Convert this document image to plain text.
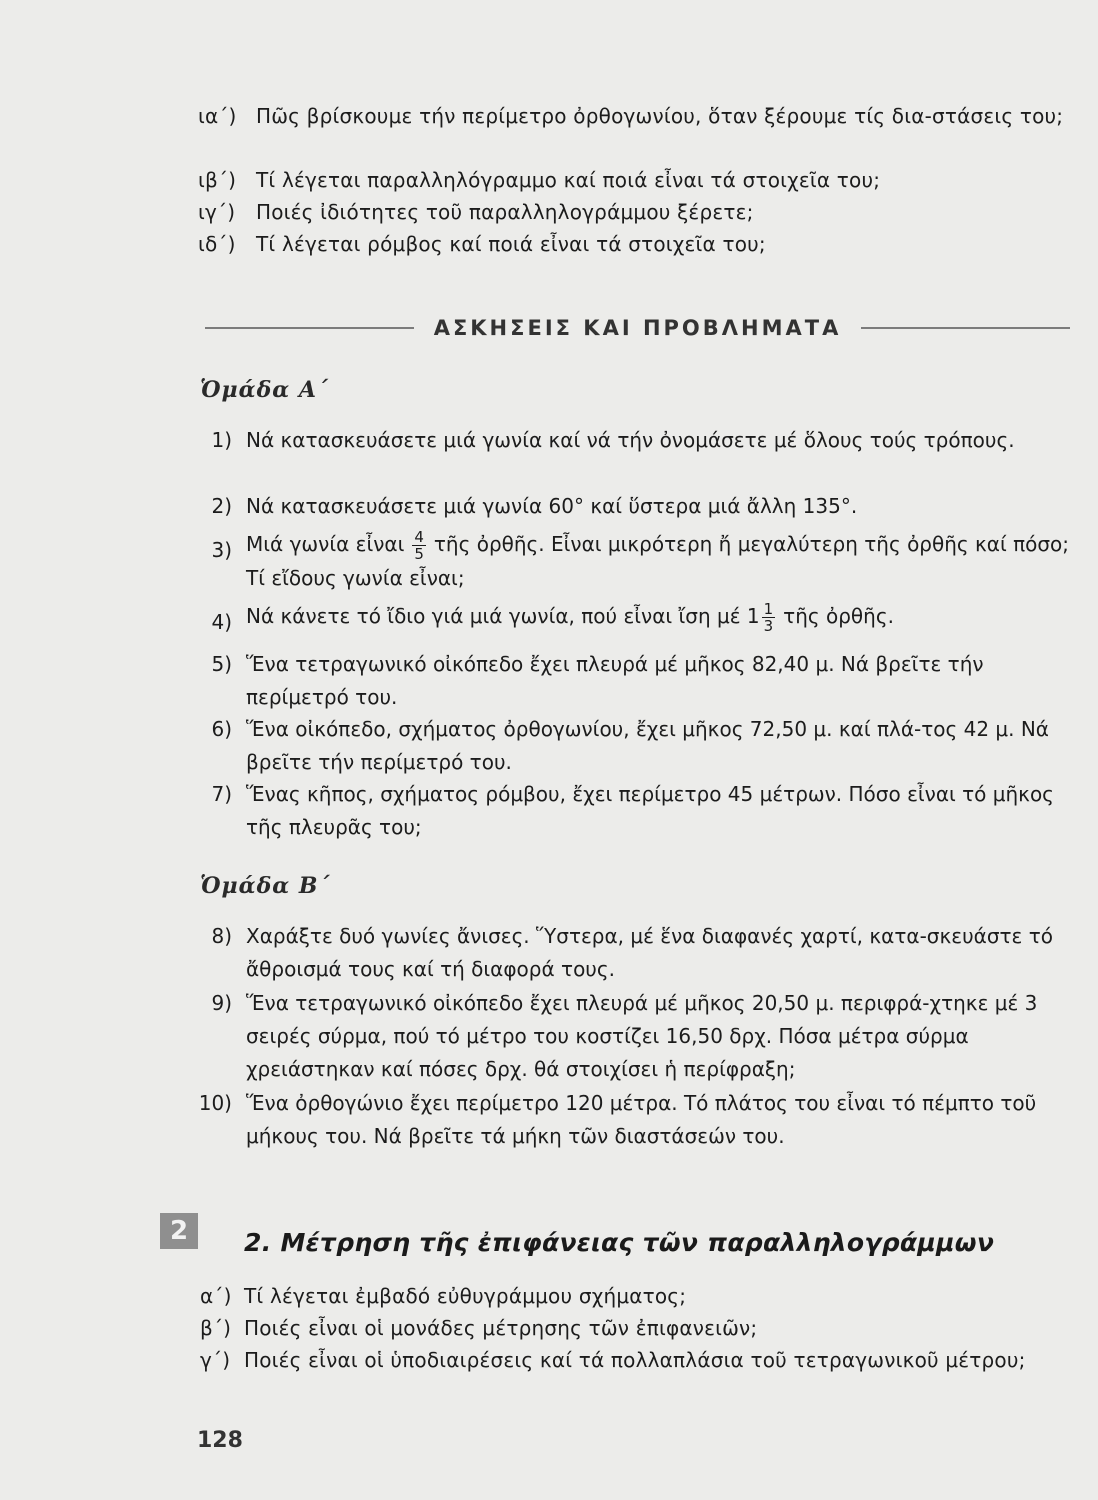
ια΄) Πῶς βρίσκουμε τήν περίμετρο ὀρθογωνίου, ὅταν ξέρουμε τίς δια-στάσεις του;
ιβ΄) Τί λέγεται παραλληλόγραμμο καί ποιά εἶναι τά στοιχεῖα του;
ιγ΄) Ποιές ἰδιότητες τοῦ παραλληλογράμμου ξέρετε;
ιδ΄) Τί λέγεται ρόμβος καί ποιά εἶναι τά στοιχεῖα του;
ΑΣΚΗΣΕΙΣ ΚΑΙ ΠΡΟΒΛΗΜΑΤΑ
Ὁμάδα Α΄
1) Νά κατασκευάσετε μιά γωνία καί νά τήν ὀνομάσετε μέ ὅλους τούς τρόπους.
2) Νά κατασκευάσετε μιά γωνία 60° καί ὕστερα μιά ἄλλη 135°.
3) Μιά γωνία εἶναι $\frac{4}{5}$ τῆς ὀρθῆς. Εἶναι μικρότερη ἤ μεγαλύτερη τῆς ὀρθῆς καί πόσο; Τί εἴδους γωνία εἶναι;
4) Νά κάνετε τό ἴδιο γιά μιά γωνία, πού εἶναι ἴση μέ $1 \frac{1}{3}$ τῆς ὀρθῆς.
5) Ἕνα τετραγωνικό οἰκόπεδο ἔχει πλευρά μέ μῆκος 82,40 μ. Νά βρεῖτε τήν περίμετρό του.
6) Ἕνα οἰκόπεδο, σχήματος ὀρθογωνίου, ἔχει μῆκος 72,50 μ. καί πλά-τος 42 μ. Νά βρεῖτε τήν περίμετρό του.
7) Ἕνας κῆπος, σχήματος ρόμβου, ἔχει περίμετρο 45 μέτρων. Πόσο εἶναι τό μῆκος τῆς πλευρᾶς του;
Ὁμάδα Β΄
8) Χαράξτε δυό γωνίες ἄνισες. Ὕστερα, μέ ἕνα διαφανές χαρτί, κατα-σκευάστε τό ἄθροισμά τους καί τή διαφορά τους.
9) Ἕνα τετραγωνικό οἰκόπεδο ἔχει πλευρά μέ μῆκος 20,50 μ. περιφρά-χτηκε μέ 3 σειρές σύρμα, πού τό μέτρο του κοστίζει 16,50 δρχ. Πόσα μέτρα σύρμα χρειάστηκαν καί πόσες δρχ. θά στοιχίσει ἡ περίφραξη;
10) Ἕνα ὀρθογώνιο ἔχει περίμετρο 120 μέτρα. Τό πλάτος του εἶναι τό πέμπτο τοῦ μήκους του. Νά βρεῖτε τά μήκη τῶν διαστάσεών του.
2	2. Μέτρηση τῆς ἐπιφάνειας τῶν παραλληλογράμμων
α΄) Τί λέγεται ἐμβαδό εὐθυγράμμου σχήματος;
β΄) Ποιές εἶναι οἱ μονάδες μέτρησης τῶν ἐπιφανειῶν;
γ΄) Ποιές εἶναι οἱ ὑποδιαιρέσεις καί τά πολλαπλάσια τοῦ τετραγωνικοῦ μέτρου;
128
